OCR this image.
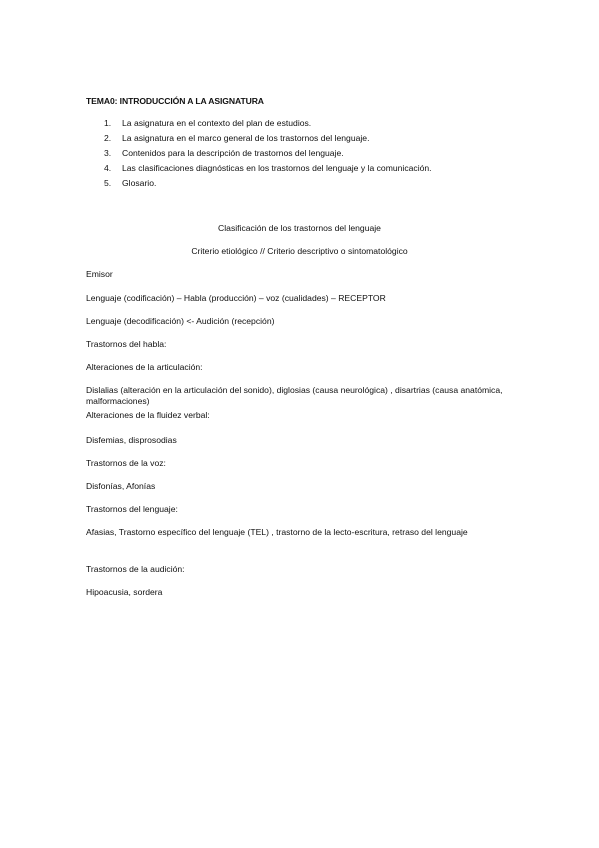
TEMA0: INTRODUCCIÓN A LA ASIGNATURA
1. La asignatura en el contexto del plan de estudios.
2. La asignatura en el marco general de los trastornos del lenguaje.
3. Contenidos para la descripción de trastornos del lenguaje.
4. Las clasificaciones diagnósticas en los trastornos del lenguaje y la comunicación.
5. Glosario.
Clasificación de los trastornos del lenguaje
Criterio etiológico // Criterio descriptivo o sintomatológico
Emisor
Lenguaje (codificación) – Habla (producción) – voz (cualidades) – RECEPTOR
Lenguaje (decodificación) <- Audición (recepción)
Trastornos del habla:
Alteraciones de la articulación:
Dislalias (alteración en la articulación del sonido), diglosias (causa neurológica) , disartrias (causa anatómica, malformaciones)
Alteraciones de la fluidez verbal:
Disfemias, disprosodias
Trastornos de la voz:
Disfonías, Afonías
Trastornos del lenguaje:
Afasias, Trastorno específico del lenguaje (TEL) , trastorno de la lecto-escritura, retraso del lenguaje
Trastornos de la audición:
Hipoacusia, sordera
